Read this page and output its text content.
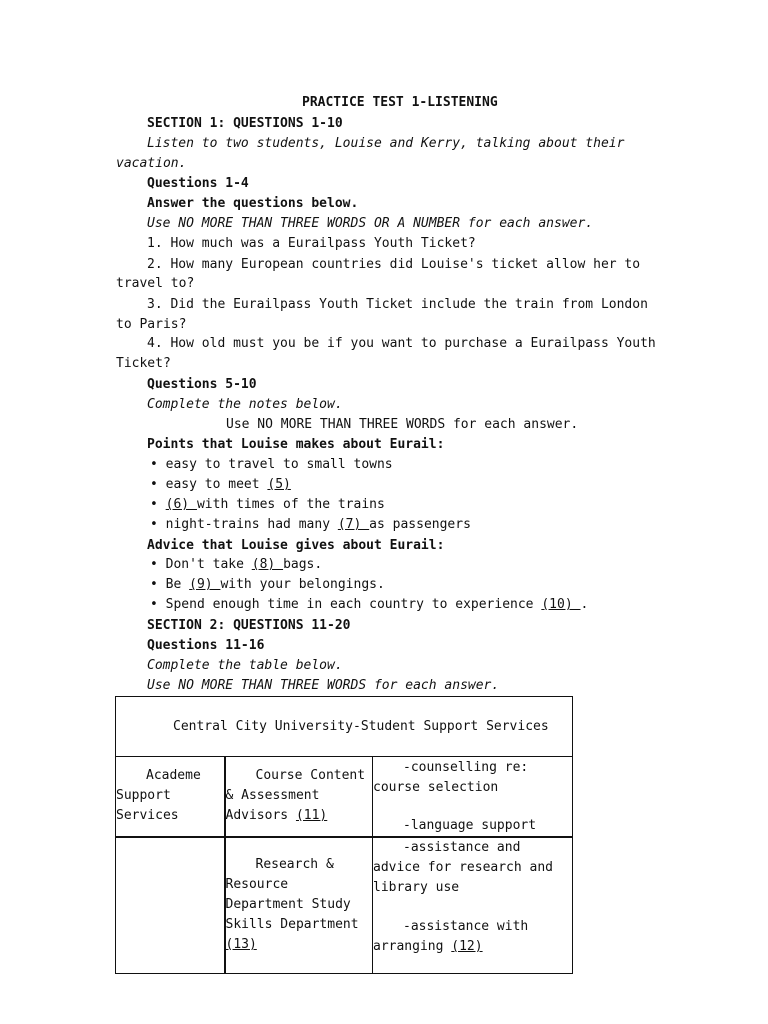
PRACTICE TEST 1-LISTENING
SECTION 1: QUESTIONS 1-10
Listen to two students, Louise and Kerry, talking about their
vacation.
Questions 1-4
Answer the questions below.
Use NO MORE THAN THREE WORDS OR A NUMBER for each answer.
1. How much was a Eurailpass Youth Ticket?
2. How many European countries did Louise's ticket allow her to
travel to?
3. Did the Eurailpass Youth Ticket include the train from London
to Paris?
4. How old must you be if you want to purchase a Eurailpass Youth
Ticket?
Questions 5-10
Complete the notes below.
Use NO MORE THAN THREE WORDS for each answer.
Points that Louise makes about Eurail:
• easy to travel to small towns
• easy to meet (5)
• (6) with times of the trains
• night-trains had many (7) as passengers
Advice that Louise gives about Eurail:
• Don't take (8) bags.
• Be (9) with your belongings.
• Spend enough time in each country to experience (10) .
SECTION 2: QUESTIONS 11-20
Questions 11-16
Complete the table below.
Use NO MORE THAN THREE WORDS for each answer.
Central City University-Student Support Services		

Academe Support Services	Course Content & Assessment Advisors (11)	-counselling re: course selection
-language support

	Research & Resource Department Study Skills Department (13)	-assistance and advice for research and library use
-assistance with arranging (12)
